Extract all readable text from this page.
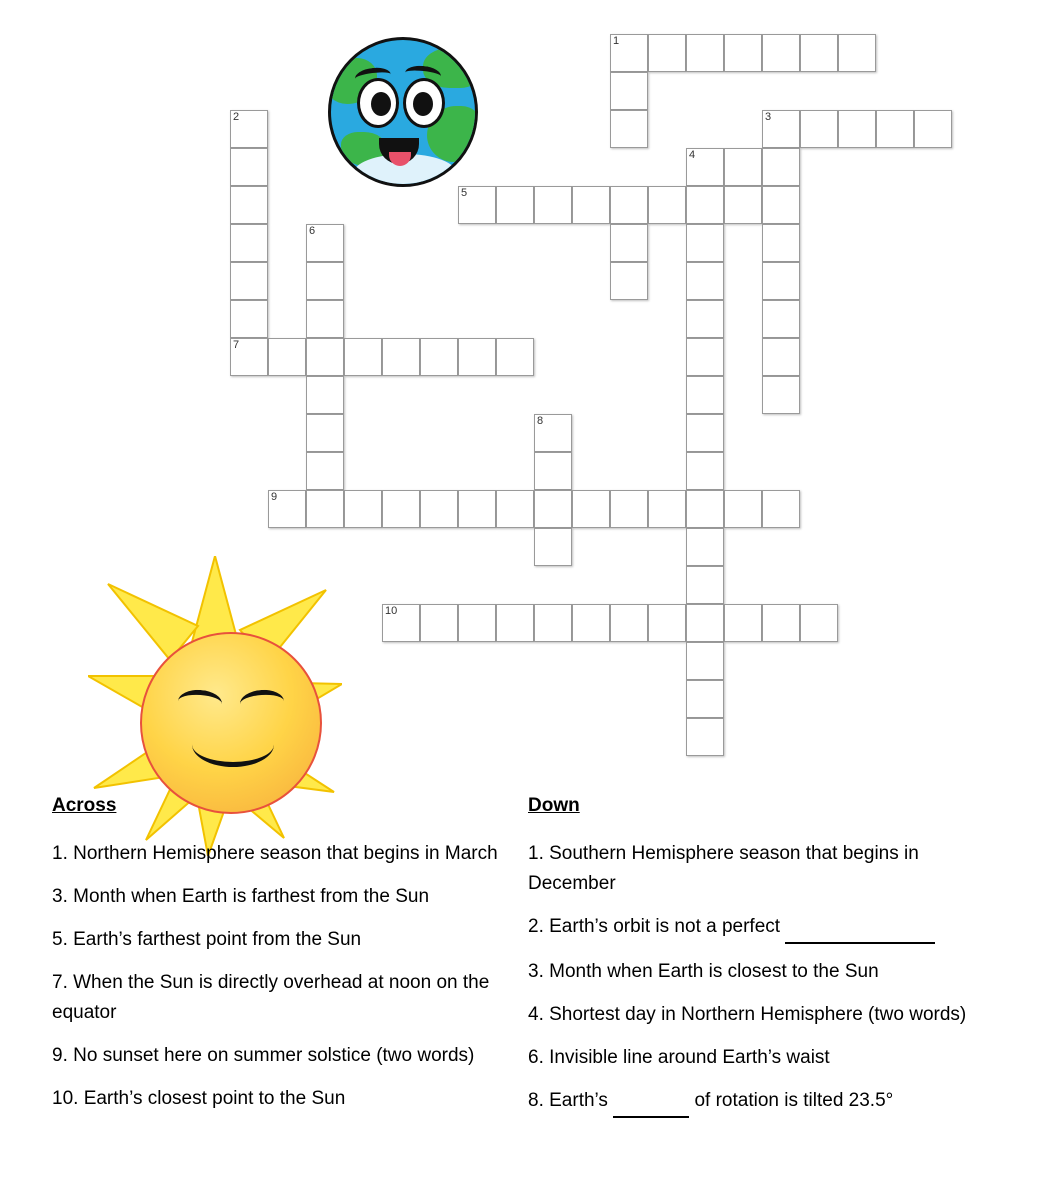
1
2	3
4
5
6
7
8
9
10
Across

1. Northern Hemisphere season that begins in March

3. Month when Earth is farthest from the Sun

5. Earth’s farthest point from the Sun

7. When the Sun is directly overhead at noon on the equator

9. No sunset here on summer solstice (two words)

10. Earth’s closest point to the Sun

Down

1. Southern Hemisphere season that begins in December

2. Earth’s orbit is not a perfect

3. Month when Earth is closest to the Sun

4. Shortest day in Northern Hemisphere (two words)

6. Invisible line around Earth’s waist

8. Earth’s	of rotation is tilted 23.5°
